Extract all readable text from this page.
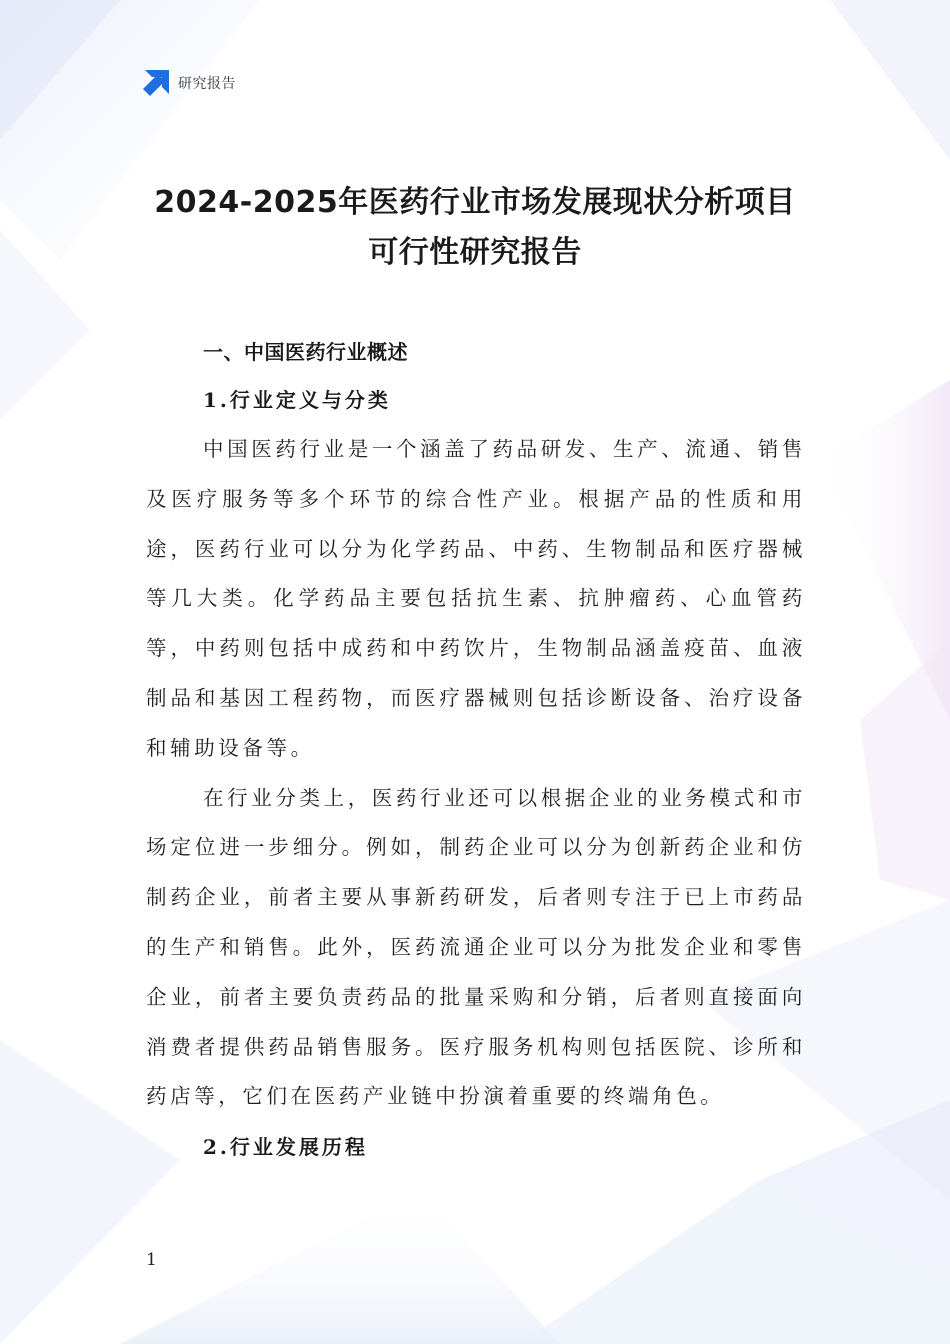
研究报告
2024-2025年医药行业市场发展现状分析项目可行性研究报告
一、中国医药行业概述
1.行业定义与分类

中国医药行业是一个涵盖了药品研发、生产、流通、销售及医疗服务等多个环节的综合性产业。根据产品的性质和用途，医药行业可以分为化学药品、中药、生物制品和医疗器械等几大类。化学药品主要包括抗生素、抗肿瘤药、心血管药等，中药则包括中成药和中药饮片，生物制品涵盖疫苗、血液制品和基因工程药物，而医疗器械则包括诊断设备、治疗设备和辅助设备等。

在行业分类上，医药行业还可以根据企业的业务模式和市场定位进一步细分。例如，制药企业可以分为创新药企业和仿制药企业，前者主要从事新药研发，后者则专注于已上市药品的生产和销售。此外，医药流通企业可以分为批发企业和零售企业，前者主要负责药品的批量采购和分销，后者则直接面向消费者提供药品销售服务。医疗服务机构则包括医院、诊所和药店等，它们在医药产业链中扮演着重要的终端角色。

2.行业发展历程
1
